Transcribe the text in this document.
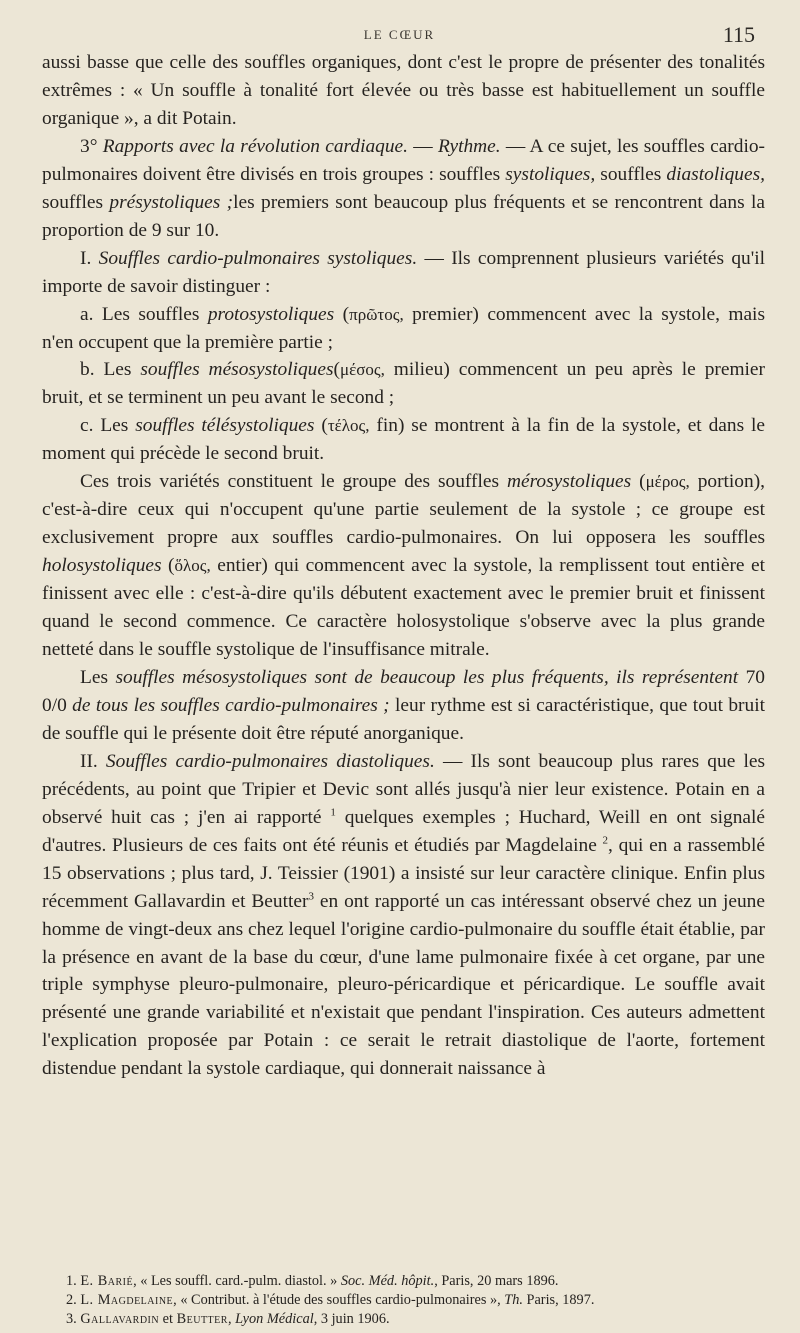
LE CŒUR	115

aussi basse que celle des souffles organiques, dont c'est le propre de présenter des tonalités extrêmes : « Un souffle à tonalité fort élevée ou très basse est habituellement un souffle organique », a dit Potain.

3° Rapports avec la révolution cardiaque. — Rythme. — A ce sujet, les souffles cardio-pulmonaires doivent être divisés en trois groupes : souffles systoliques, souffles diastoliques, souffles présystoliques ;les premiers sont beaucoup plus fréquents et se rencontrent dans la proportion de 9 sur 10.

I. Souffles cardio-pulmonaires systoliques. — Ils comprennent plusieurs variétés qu'il importe de savoir distinguer :

a. Les souffles protosystoliques (πρῶτος, premier) commencent avec la systole, mais n'en occupent que la première partie ;

b. Les souffles mésosystoliques(μέσος, milieu) commencent un peu après le premier bruit, et se terminent un peu avant le second ;

c. Les souffles télésystoliques (τέλος, fin) se montrent à la fin de la systole, et dans le moment qui précède le second bruit.

Ces trois variétés constituent le groupe des souffles mérosystoliques (μέρος, portion), c'est-à-dire ceux qui n'occupent qu'une partie seulement de la systole ; ce groupe est exclusivement propre aux souffles cardio-pulmonaires. On lui opposera les souffles holosystoliques (ὅλος, entier) qui commencent avec la systole, la remplissent tout entière et finissent avec elle : c'est-à-dire qu'ils débutent exactement avec le premier bruit et finissent quand le second commence. Ce caractère holosystolique s'observe avec la plus grande netteté dans le souffle systolique de l'insuffisance mitrale.

Les souffles mésosystoliques sont de beaucoup les plus fréquents, ils représentent 70 0/0 de tous les souffles cardio-pulmonaires ; leur rythme est si caractéristique, que tout bruit de souffle qui le présente doit être réputé anorganique.

II. Souffles cardio-pulmonaires diastoliques. — Ils sont beaucoup plus rares que les précédents, au point que Tripier et Devic sont allés jusqu'à nier leur existence. Potain en a observé huit cas ; j'en ai rapporté $^1$ quelques exemples ; Huchard, Weill en ont signalé d'autres. Plusieurs de ces faits ont été réunis et étudiés par Magdelaine $^2$, qui en a rassemblé 15 observations ; plus tard, J. Teissier (1901) a insisté sur leur caractère clinique. Enfin plus récemment Gallavardin et Beutter$^3$ en ont rapporté un cas intéressant observé chez un jeune homme de vingt-deux ans chez lequel l'origine cardio-pulmonaire du souffle était établie, par la présence en avant de la base du cœur, d'une lame pulmonaire fixée à cet organe, par une triple symphyse pleuro-pulmonaire, pleuro-péricardique et péricardique. Le souffle avait présenté une grande variabilité et n'existait que pendant l'inspiration. Ces auteurs admettent l'explication proposée par Potain : ce serait le retrait diastolique de l'aorte, fortement distendue pendant la systole cardiaque, qui donnerait naissance à

1. E. Barié, « Les souffl. card.-pulm. diastol. » Soc. Méd. hôpit., Paris, 20 mars 1896.

2. L. Magdelaine, « Contribut. à l'étude des souffles cardio-pulmonaires », Th. Paris, 1897.

3. Gallavardin et Beutter, Lyon Médical, 3 juin 1906.
